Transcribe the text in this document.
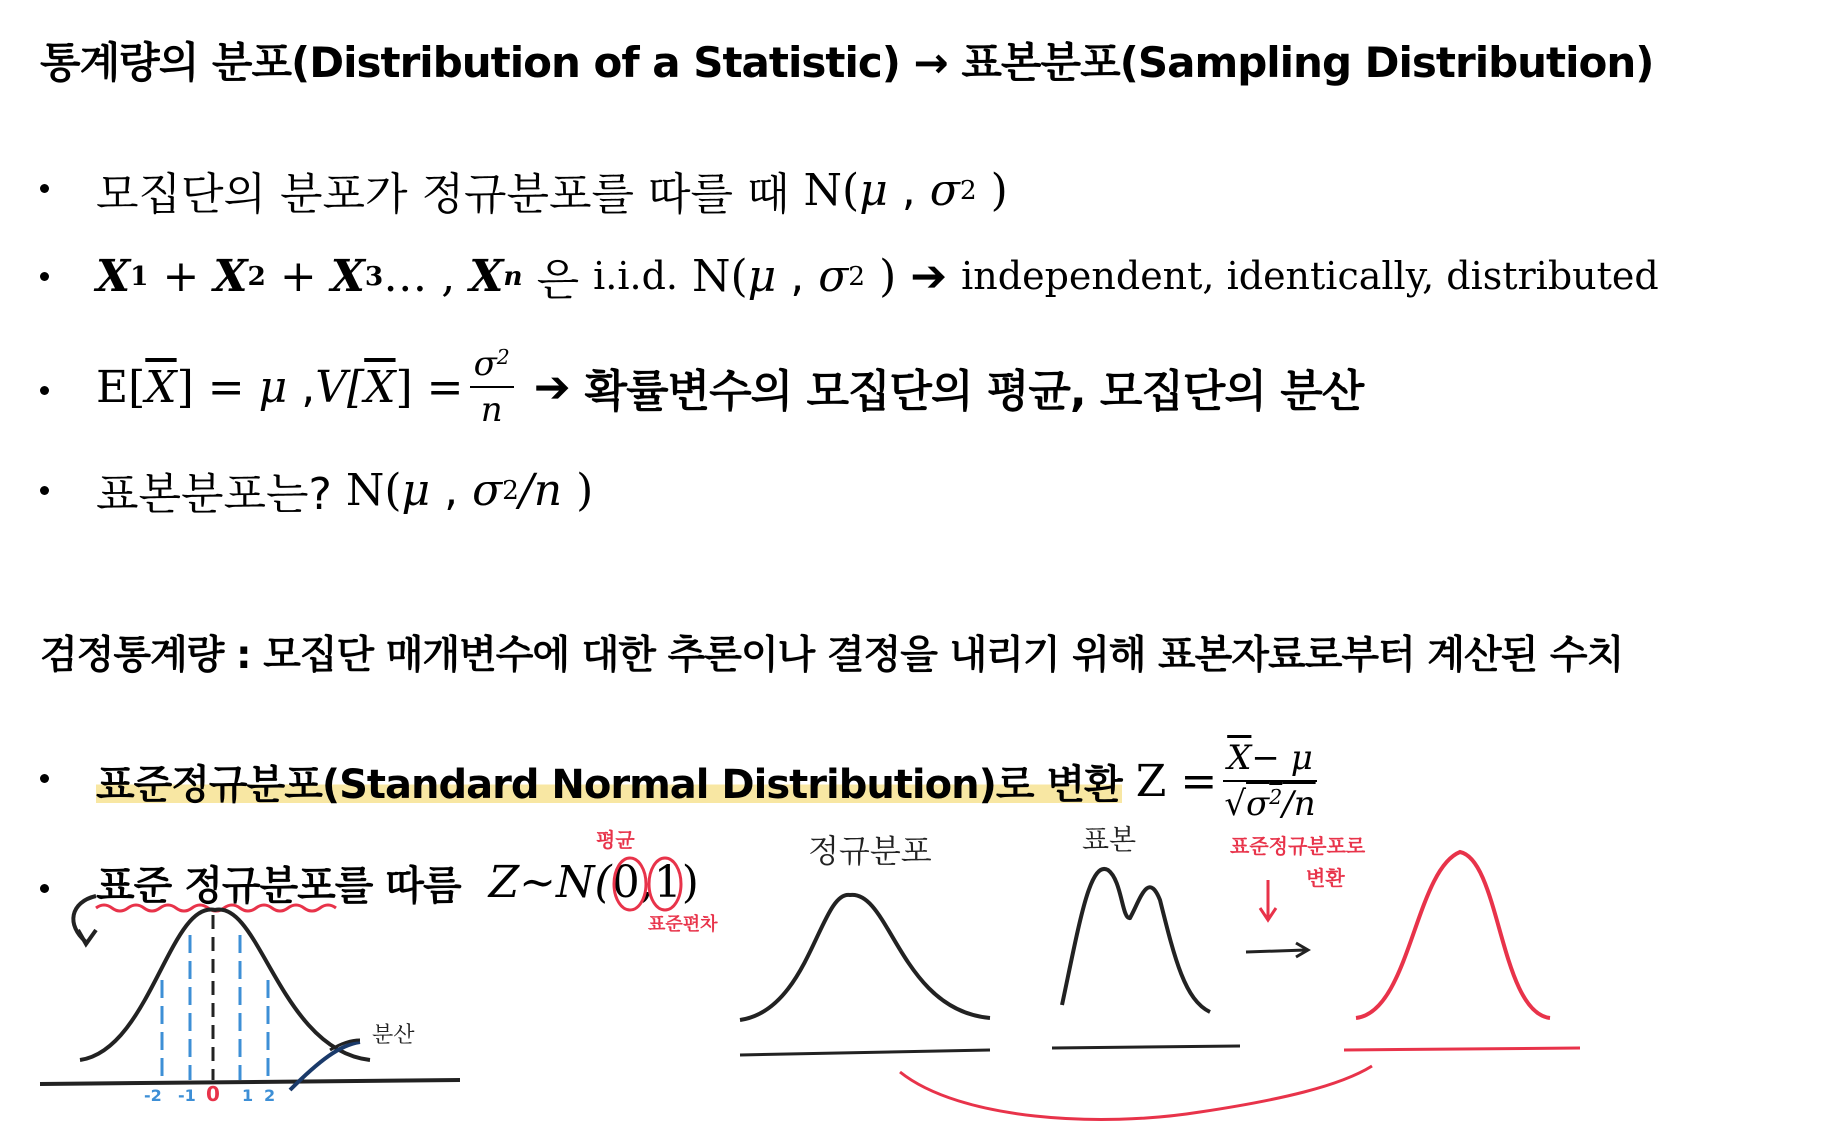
통계량의 분포(Distribution of a Statistic) → 표본분포(Sampling Distribution)
모집단의 분포가 정규분포를 따를 때
N( μ , σ 2
)
X 1
+
X 2
+
X 3 … ,
X n
은
i.i.d.
N( μ , σ 2
)
➔
independent, identically, distributed
E[ $\overline{X}$ ] =
μ , V[ $\overline{X}$ ] = $\frac{\sigma^2}{n}$
➔
확률변수의 모집단의 평균, 모집단의 분산
표본분포는?
N( μ , σ 2 /n
)
검정통계량 : 모집단 매개변수에 대한 추론이나 결정을 내리기 위해 표본자료로부터 계산된 수치
표준정규분포(Standard Normal Distribution)로 변환
Z
= $\frac{\overline{X}- \mu}{√\sigma^2/n}$
표준 정규분포를 따름
Z~N( 0 , 1 )
평균
표준편차
분산
정규분포	표본	표준정규분포로
변환
-2 -1 0 1 2
